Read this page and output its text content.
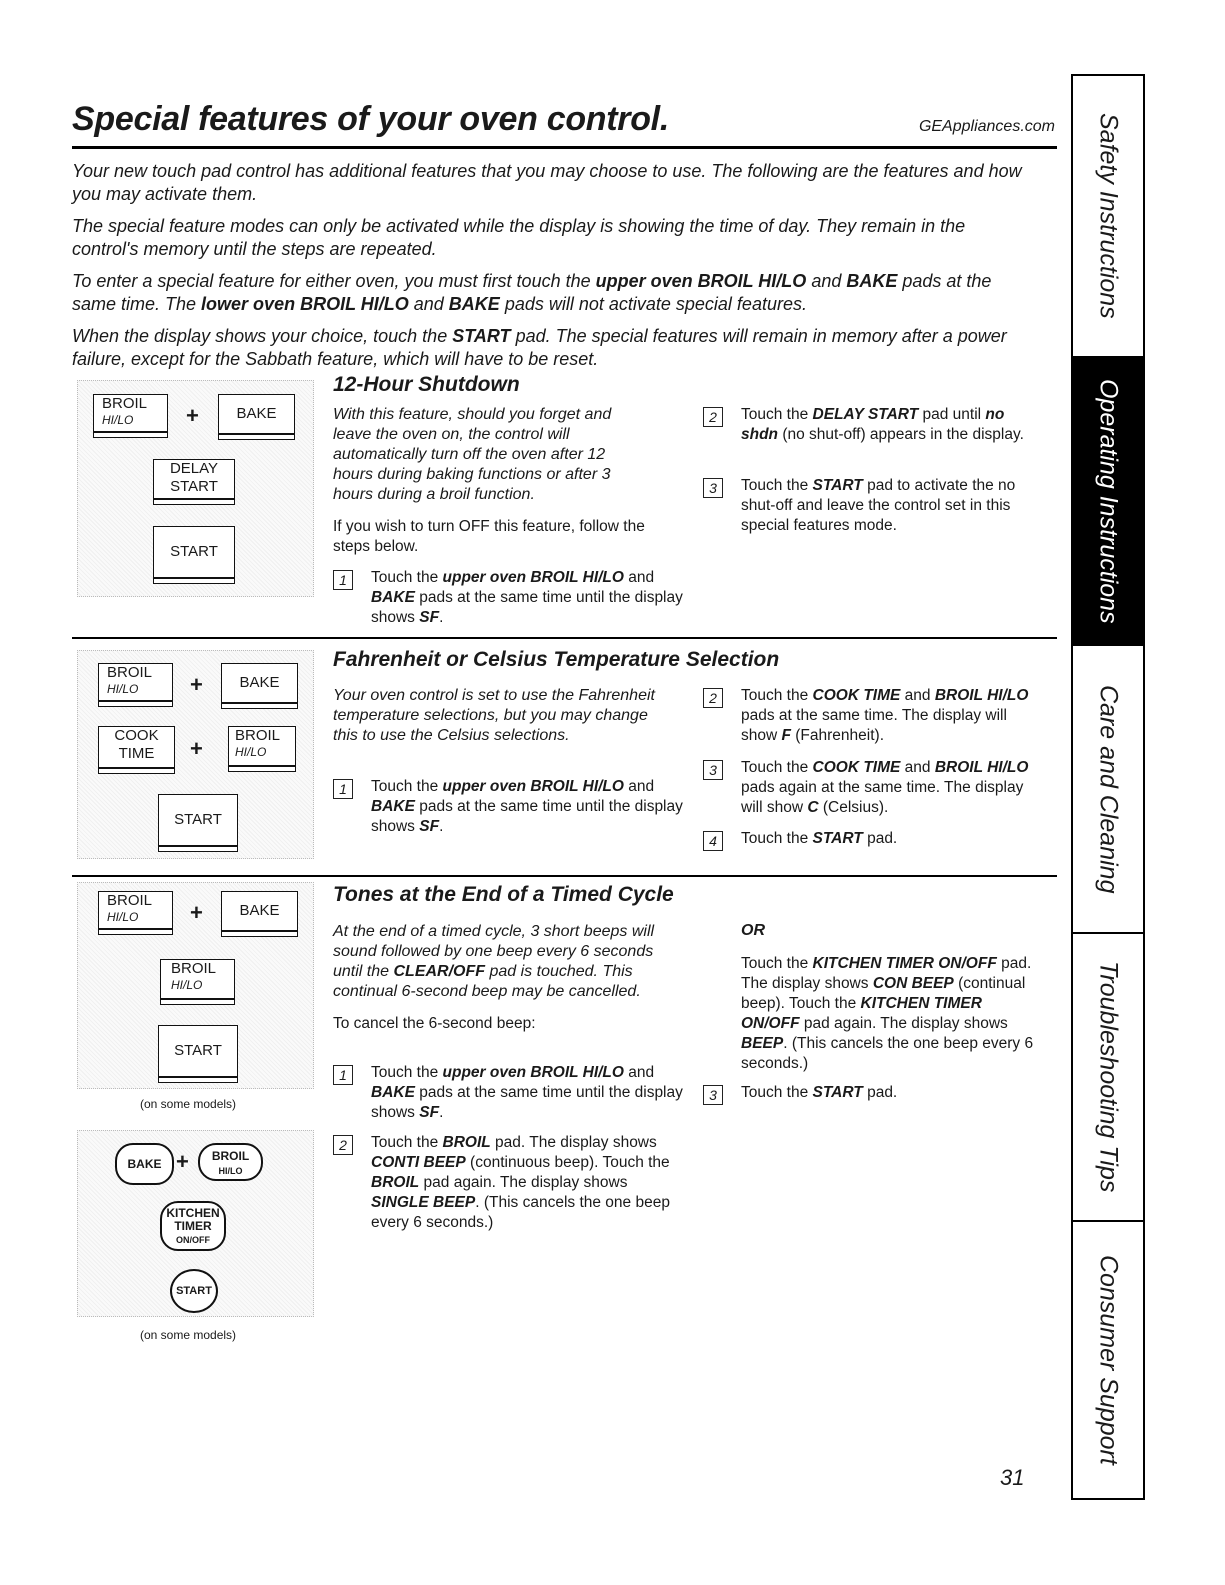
Special features of your oven control.	GEAppliances.com

Your new touch pad control has additional features that you may choose to use. The following are the features and how you may activate them.

The special feature modes can only be activated while the display is showing the time of day. They remain in the control's memory until the steps are repeated.

To enter a special feature for either oven, you must first touch the upper oven BROIL HI/LO and BAKE pads at the same time. The lower oven BROIL HI/LO and BAKE pads will not activate special features.

When the display shows your choice, touch the START pad. The special features will remain in memory after a power failure, except for the Sabbath feature, which will have to be reset.

BROIL
HI/LO	+	BAKE
DELAY
START
START
12-Hour Shutdown

With this feature, should you forget and leave the oven on, the control will automatically turn off the oven after 12 hours during baking functions or after 3 hours during a broil function.

If you wish to turn OFF this feature, follow the steps below.

1	Touch the upper oven BROIL HI/LO and BAKE pads at the same time until the display shows SF.
2	Touch the DELAY START pad until no shdn (no shut-off) appears in the display.
3	Touch the START pad to activate the no shut-off and leave the control set in this special features mode.
BROIL
HI/LO	+	BAKE
COOK
TIME	+
BROIL
HI/LO
START
Fahrenheit or Celsius Temperature Selection

Your oven control is set to use the Fahrenheit temperature selections, but you may change this to use the Celsius selections.

1	Touch the upper oven BROIL HI/LO and BAKE pads at the same time until the display shows SF.
2	Touch the COOK TIME and BROIL HI/LO pads at the same time. The display will show F (Fahrenheit).
3	Touch the COOK TIME and BROIL HI/LO pads again at the same time. The display will show C (Celsius).
4	Touch the START pad.
BROIL
HI/LO	+	BAKE
BROIL
HI/LO
START
(on some models)
BAKE +	BROIL
HI/LO
KITCHEN
TIMER
ON/OFF
START
(on some models)
Tones at the End of a Timed Cycle

At the end of a timed cycle, 3 short beeps will sound followed by one beep every 6 seconds until the CLEAR/OFF pad is touched. This continual 6-second beep may be cancelled.

To cancel the 6-second beep:

1	Touch the upper oven BROIL HI/LO and BAKE pads at the same time until the display shows SF.
2	Touch the BROIL pad. The display shows CONTI BEEP (continuous beep). Touch the BROIL pad again. The display shows SINGLE BEEP. (This cancels the one beep every 6 seconds.)
OR
Touch the KITCHEN TIMER ON/OFF pad. The display shows CON BEEP (continual beep). Touch the KITCHEN TIMER ON/OFF pad again. The display shows BEEP. (This cancels the one beep every 6 seconds.)
3	Touch the START pad.
31
Safety Instructions
Operating Instructions
Care and Cleaning
Troubleshooting Tips
Consumer Support
